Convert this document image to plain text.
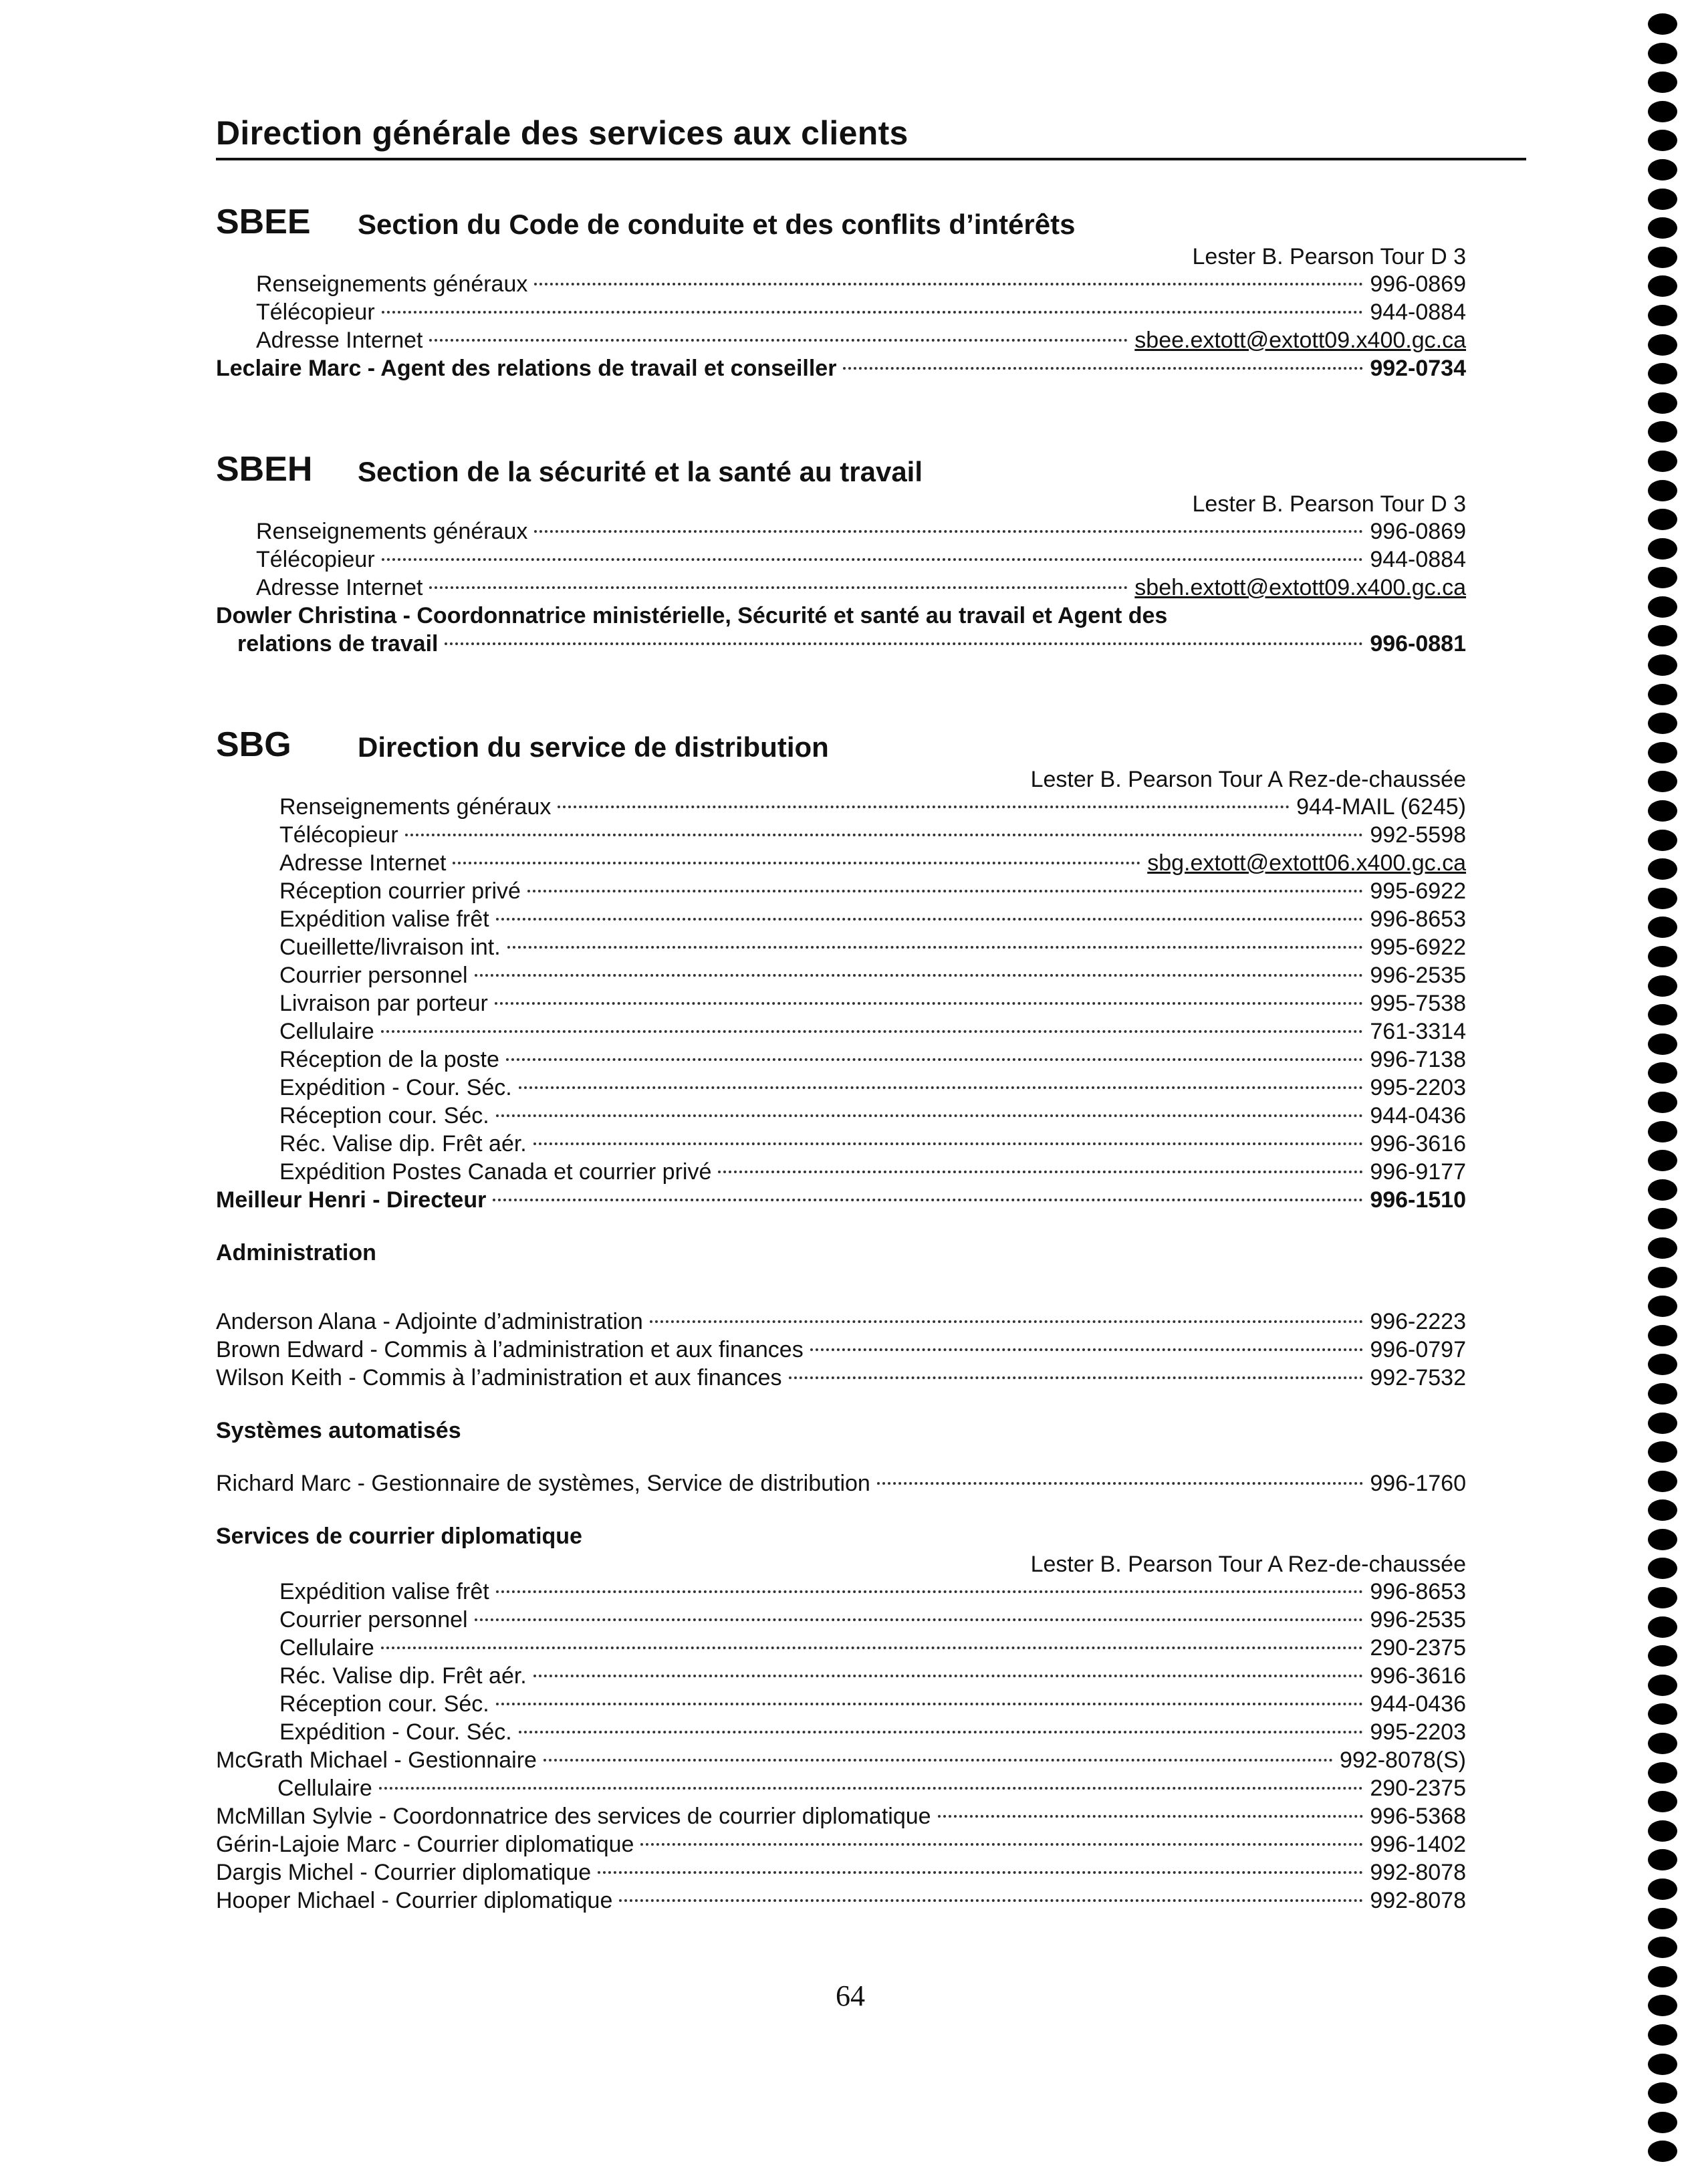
Direction générale des services aux clients
SBEE Section du Code de conduite et des conflits d’intérêts
Lester B. Pearson Tour D 3
Renseignements généraux	996-0869
Télécopieur	944-0884
Adresse Internet	sbee.extott@extott09.x400.gc.ca
Leclaire Marc - Agent des relations de travail et conseiller	992-0734
SBEH Section de la sécurité et la santé au travail
Lester B. Pearson Tour D 3
Renseignements généraux	996-0869
Télécopieur	944-0884
Adresse Internet	sbeh.extott@extott09.x400.gc.ca
Dowler Christina - Coordonnatrice ministérielle, Sécurité et santé au travail et Agent des
relations de travail	996-0881
SBG Direction du service de distribution
Lester B. Pearson Tour A Rez-de-chaussée
Renseignements généraux	944-MAIL (6245)
Télécopieur	992-5598
Adresse Internet	sbg.extott@extott06.x400.gc.ca
Réception courrier privé	995-6922
Expédition valise frêt	996-8653
Cueillette/livraison int.	995-6922
Courrier personnel	996-2535
Livraison par porteur	995-7538
Cellulaire	761-3314
Réception de la poste	996-7138
Expédition - Cour. Séc.	995-2203
Réception cour. Séc.	944-0436
Réc. Valise dip. Frêt aér.	996-3616
Expédition Postes Canada et courrier privé	996-9177
Meilleur Henri - Directeur	996-1510
Administration
Anderson Alana - Adjointe d’administration	996-2223
Brown Edward - Commis à l’administration et aux finances	996-0797
Wilson Keith - Commis à l’administration et aux finances	992-7532
Systèmes automatisés
Richard Marc - Gestionnaire de systèmes, Service de distribution	996-1760
Services de courrier diplomatique
Lester B. Pearson Tour A Rez-de-chaussée
Expédition valise frêt	996-8653
Courrier personnel	996-2535
Cellulaire	290-2375
Réc. Valise dip. Frêt aér.	996-3616
Réception cour. Séc.	944-0436
Expédition - Cour. Séc.	995-2203
McGrath Michael - Gestionnaire	992-8078(S)
Cellulaire	290-2375
McMillan Sylvie - Coordonnatrice des services de courrier diplomatique	996-5368
Gérin-Lajoie Marc - Courrier diplomatique	996-1402
Dargis Michel - Courrier diplomatique	992-8078
Hooper Michael - Courrier diplomatique	992-8078
64
